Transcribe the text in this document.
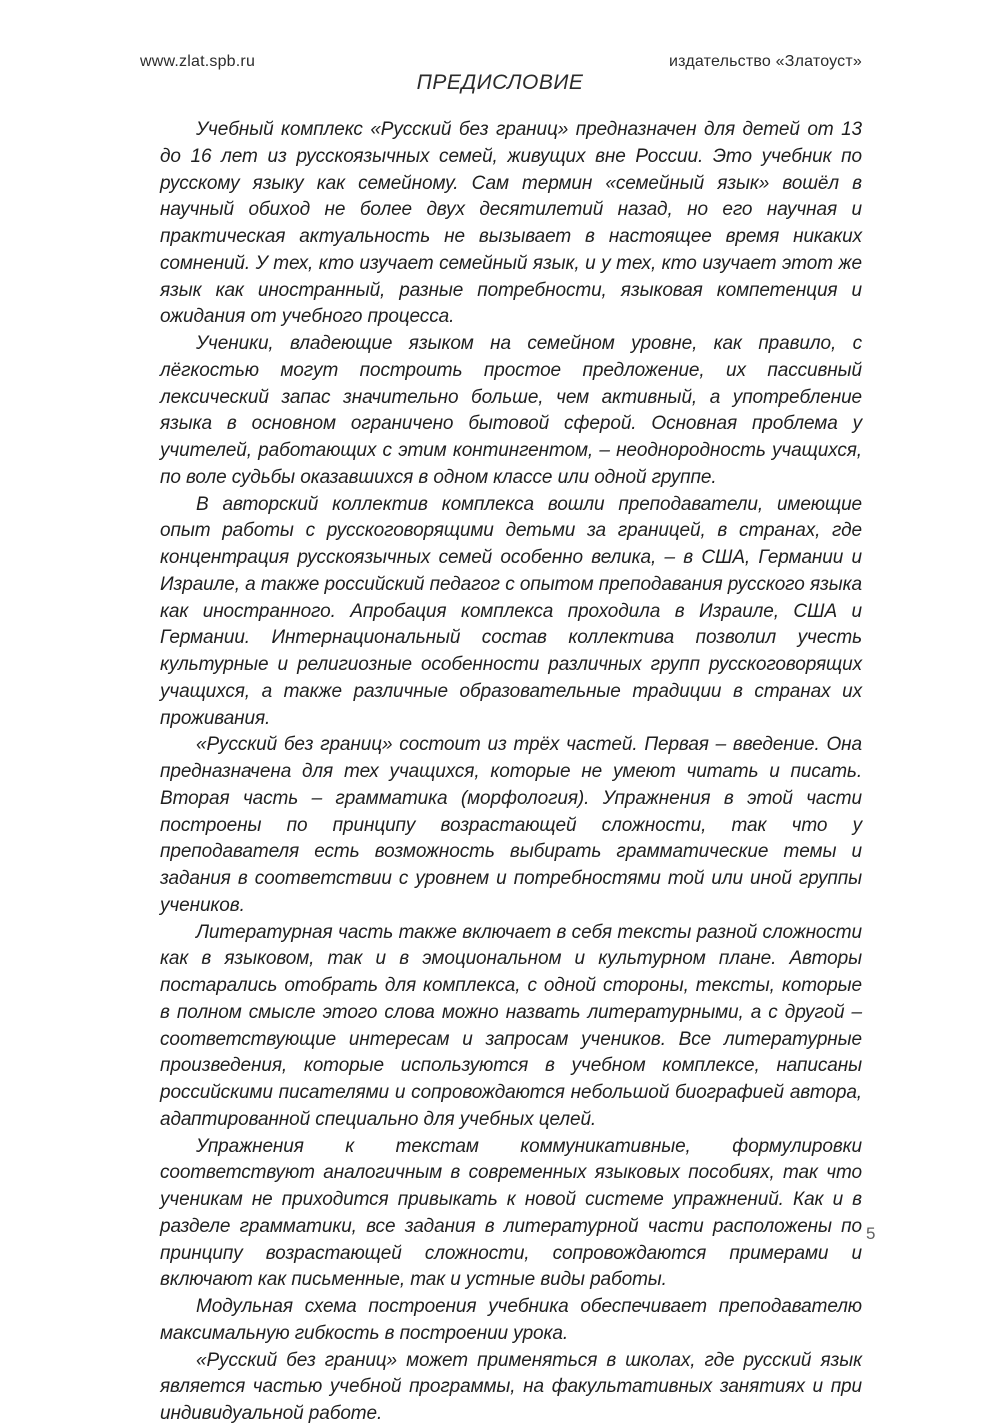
www.zlat.spb.ru	издательство «Златоуст»
ПРЕДИСЛОВИЕ

Учебный комплекс «Русский без границ» предназначен для детей от 13 до 16 лет из русскоязычных семей, живущих вне России. Это учебник по русскому языку как семейному. Сам термин «семейный язык» вошёл в научный обиход не более двух десятилетий назад, но его научная и практическая актуальность не вызывает в настоящее время никаких сомнений. У тех, кто изучает семейный язык, и у тех, кто изучает этот же язык как иностранный, разные потребности, языковая компетенция и ожидания от учебного процесса.

Ученики, владеющие языком на семейном уровне, как правило, с лёгкостью могут построить простое предложение, их пассивный лексический запас значительно больше, чем активный, а употребление языка в основном ограничено бытовой сферой. Основная проблема у учителей, работающих с этим контингентом, – неоднородность учащихся, по воле судьбы оказавшихся в одном классе или одной группе.

В авторский коллектив комплекса вошли преподаватели, имеющие опыт работы с русскоговорящими детьми за границей, в странах, где концентрация русскоязычных семей особенно велика, – в США, Германии и Израиле, а также российский педагог с опытом преподавания русского языка как иностранного. Апробация комплекса проходила в Израиле, США и Германии. Интернациональный состав коллектива позволил учесть культурные и религиозные особенности различных групп русскоговорящих учащихся, а также различные образовательные традиции в странах их проживания.

«Русский без границ» состоит из трёх частей. Первая – введение. Она предназначена для тех учащихся, которые не умеют читать и писать. Вторая часть – грамматика (морфология). Упражнения в этой части построены по принципу возрастающей сложности, так что у преподавателя есть возможность выбирать грамматические темы и задания в соответствии с уровнем и потребностями той или иной группы учеников.

Литературная часть также включает в себя тексты разной сложности как в языковом, так и в эмоциональном и культурном плане. Авторы постарались отобрать для комплекса, с одной стороны, тексты, которые в полном смысле этого слова можно назвать литературными, а с другой – соответствующие интересам и запросам учеников. Все литературные произведения, которые используются в учебном комплексе, написаны российскими писателями и сопровождаются небольшой биографией автора, адаптированной специально для учебных целей.

Упражнения к текстам коммуникативные, формулировки соответствуют аналогичным в современных языковых пособиях, так что ученикам не приходится привыкать к новой системе упражнений. Как и в разделе грамматики, все задания в литературной части расположены по принципу возрастающей сложности, сопровождаются примерами и включают как письменные, так и устные виды работы.

Модульная схема построения учебника обеспечивает преподавателю максимальную гибкость в построении урока.

«Русский без границ» может применяться в школах, где русский язык является частью учебной программы, на факультативных занятиях и при индивидуальной работе.

5
